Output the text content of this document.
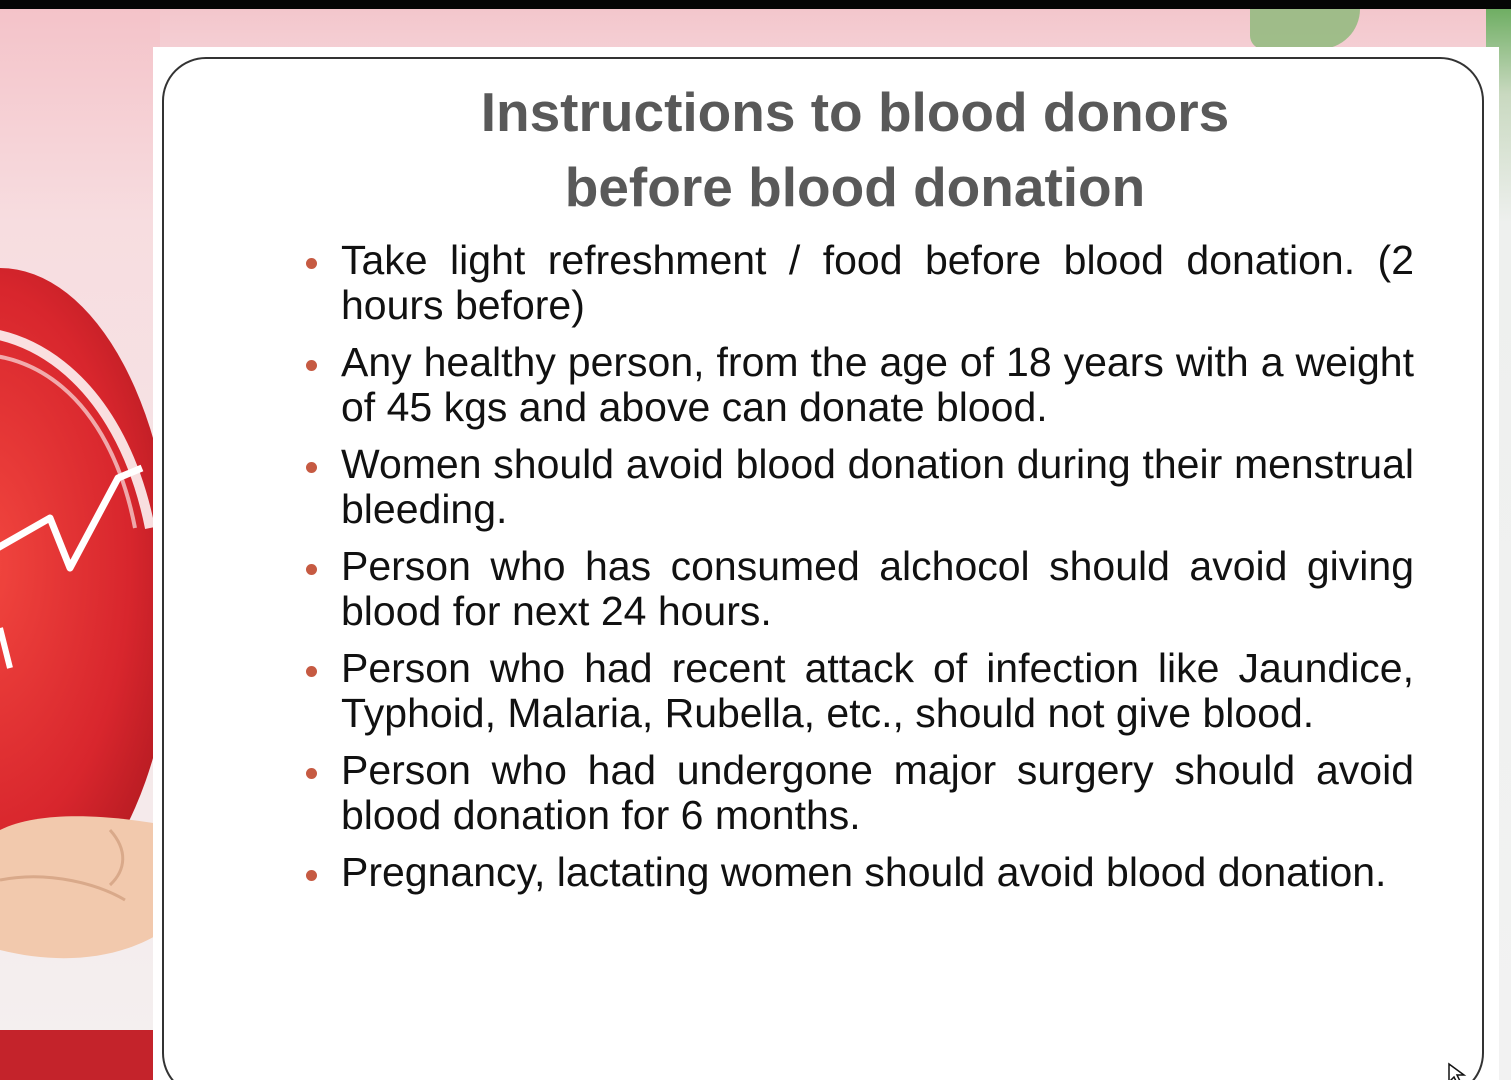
Instructions to blood donors
before blood donation
Take light refreshment / food before blood donation. (2 hours before)
Any healthy person, from the age of 18 years with a weight of 45 kgs and above can donate blood.
Women should avoid blood donation during their menstrual bleeding.
Person who has consumed alchocol should avoid giving blood for next 24 hours.
Person who had recent attack of infection like Jaundice, Typhoid, Malaria, Rubella, etc., should not give blood.
Person who had undergone major surgery should avoid blood donation for 6 months.
Pregnancy, lactating women should avoid blood donation.
